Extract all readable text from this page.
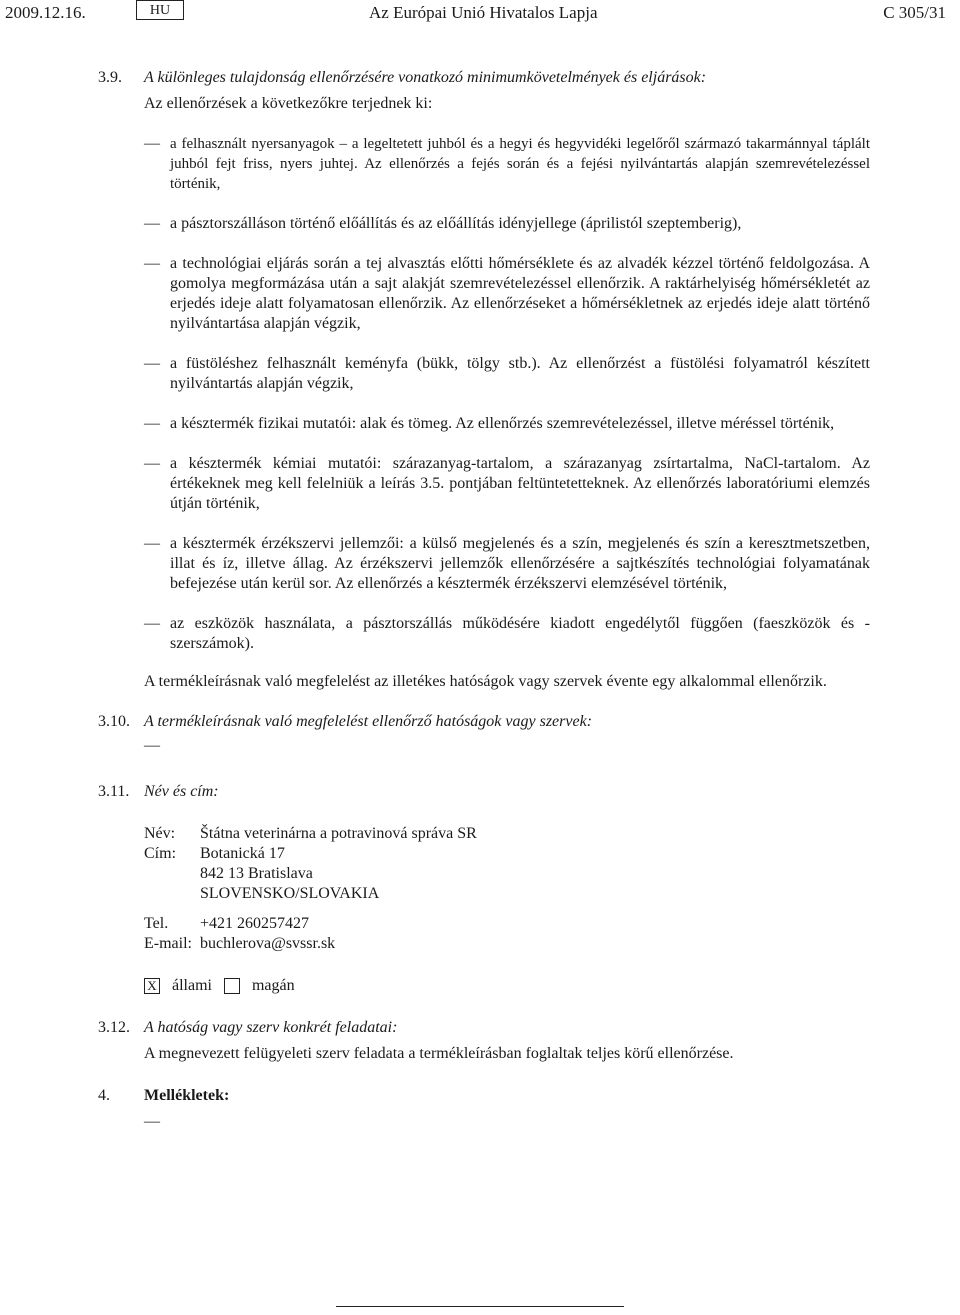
2009.12.16.	HU	Az Európai Unió Hivatalos Lapja	C 305/31
3.9.	A különleges tulajdonság ellenőrzésére vonatkozó minimumkövetelmények és eljárások:
Az ellenőrzések a következőkre terjednek ki:
— a felhasznált nyersanyagok – a legeltetett juhból és a hegyi és hegyvidéki legelőről származó takarmánnyal táplált juhból fejt friss, nyers juhtej. Az ellenőrzés a fejés során és a fejési nyilvántartás alapján szemrevételezéssel történik,
— a pásztorszálláson történő előállítás és az előállítás idényjellege (áprilistól szeptemberig),
— a technológiai eljárás során a tej alvasztás előtti hőmérséklete és az alvadék kézzel történő feldolgozása. A gomolya megformázása után a sajt alakját szemrevételezéssel ellenőrzik. A raktárhelyiség hőmérsékletét az erjedés ideje alatt folyamatosan ellenőrzik. Az ellenőrzéseket a hőmérsékletnek az erjedés ideje alatt történő nyilvántartása alapján végzik,
— a füstöléshez felhasznált keményfa (bükk, tölgy stb.). Az ellenőrzést a füstölési folyamatról készített nyilvántartás alapján végzik,
— a késztermék fizikai mutatói: alak és tömeg. Az ellenőrzés szemrevételezéssel, illetve méréssel történik,
— a késztermék kémiai mutatói: szárazanyag-tartalom, a szárazanyag zsírtartalma, NaCl-tartalom. Az értékeknek meg kell felelniük a leírás 3.5. pontjában feltüntetetteknek. Az ellenőrzés laboratóriumi elemzés útján történik,
— a késztermék érzékszervi jellemzői: a külső megjelenés és a szín, megjelenés és szín a keresztmetszetben, illat és íz, illetve állag. Az érzékszervi jellemzők ellenőrzésére a sajtkészítés technológiai folyamatának befejezése után kerül sor. Az ellenőrzés a késztermék érzékszervi elemzésével történik,
— az eszközök használata, a pásztorszállás működésére kiadott engedélytől függően (faeszközök és -szerszámok).
A termékleírásnak való megfelelést az illetékes hatóságok vagy szervek évente egy alkalommal ellenőrzik.
3.10. A termékleírásnak való megfelelést ellenőrző hatóságok vagy szervek:
—
3.11. Név és cím:
Név:	Štátna veterinárna a potravinová správa SR
Cím:	Botanická 17
842 13 Bratislava
SLOVENSKO/SLOVAKIA
Tel.	+421 260257427
E-mail: buchlerova@svssr.sk
X állami	magán
3.12. A hatóság vagy szerv konkrét feladatai:
A megnevezett felügyeleti szerv feladata a termékleírásban foglaltak teljes körű ellenőrzése.
4.	Mellékletek:
—
